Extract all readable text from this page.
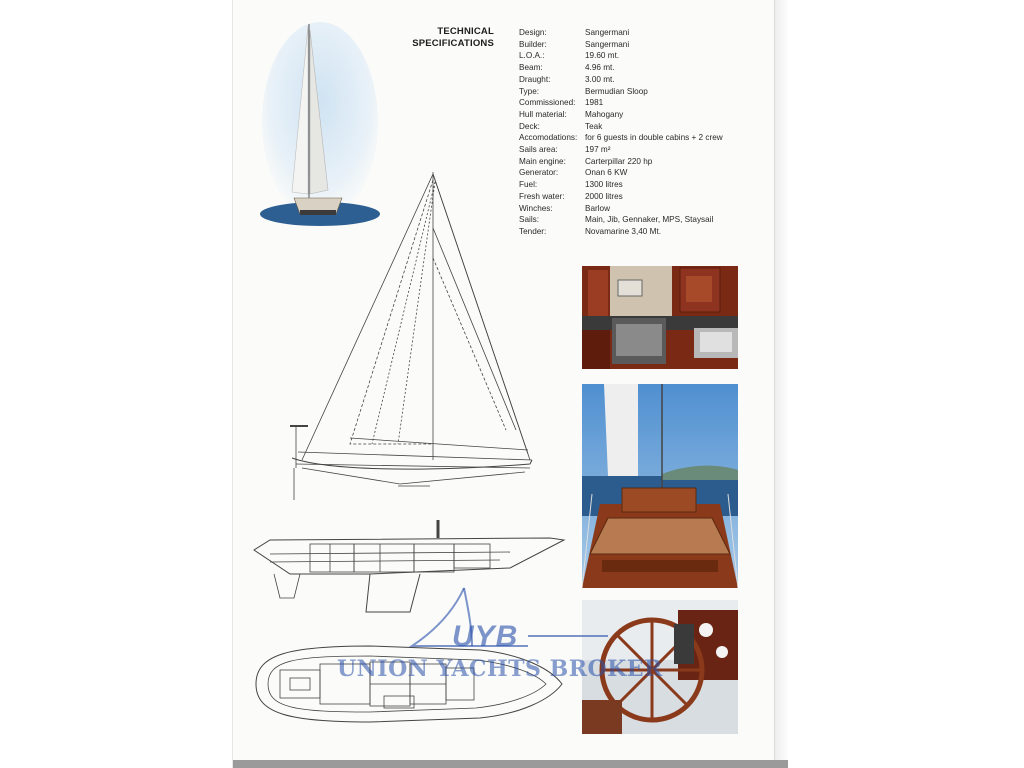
TECHNICAL
SPECIFICATIONS
Design:	Sangermani
Builder:	Sangermani
L.O.A.:	19.60 mt.
Beam:	4.96 mt.
Draught:	3.00 mt.
Type:	Bermudian Sloop
Commissioned:	1981
Hull material:	Mahogany
Deck:	Teak
Accomodations: for 6 guests in double cabins + 2 crew
Sails area:	197 m²
Main engine:	Carterpillar 220 hp
Generator:	Onan 6 KW
Fuel:	1300 litres
Fresh water:	2000 litres
Winches:	Barlow
Sails:	Main, Jib, Gennaker, MPS, Staysail
Tender:	Novamarine 3,40 Mt.
UYB
UNION YACHTS BROKER
